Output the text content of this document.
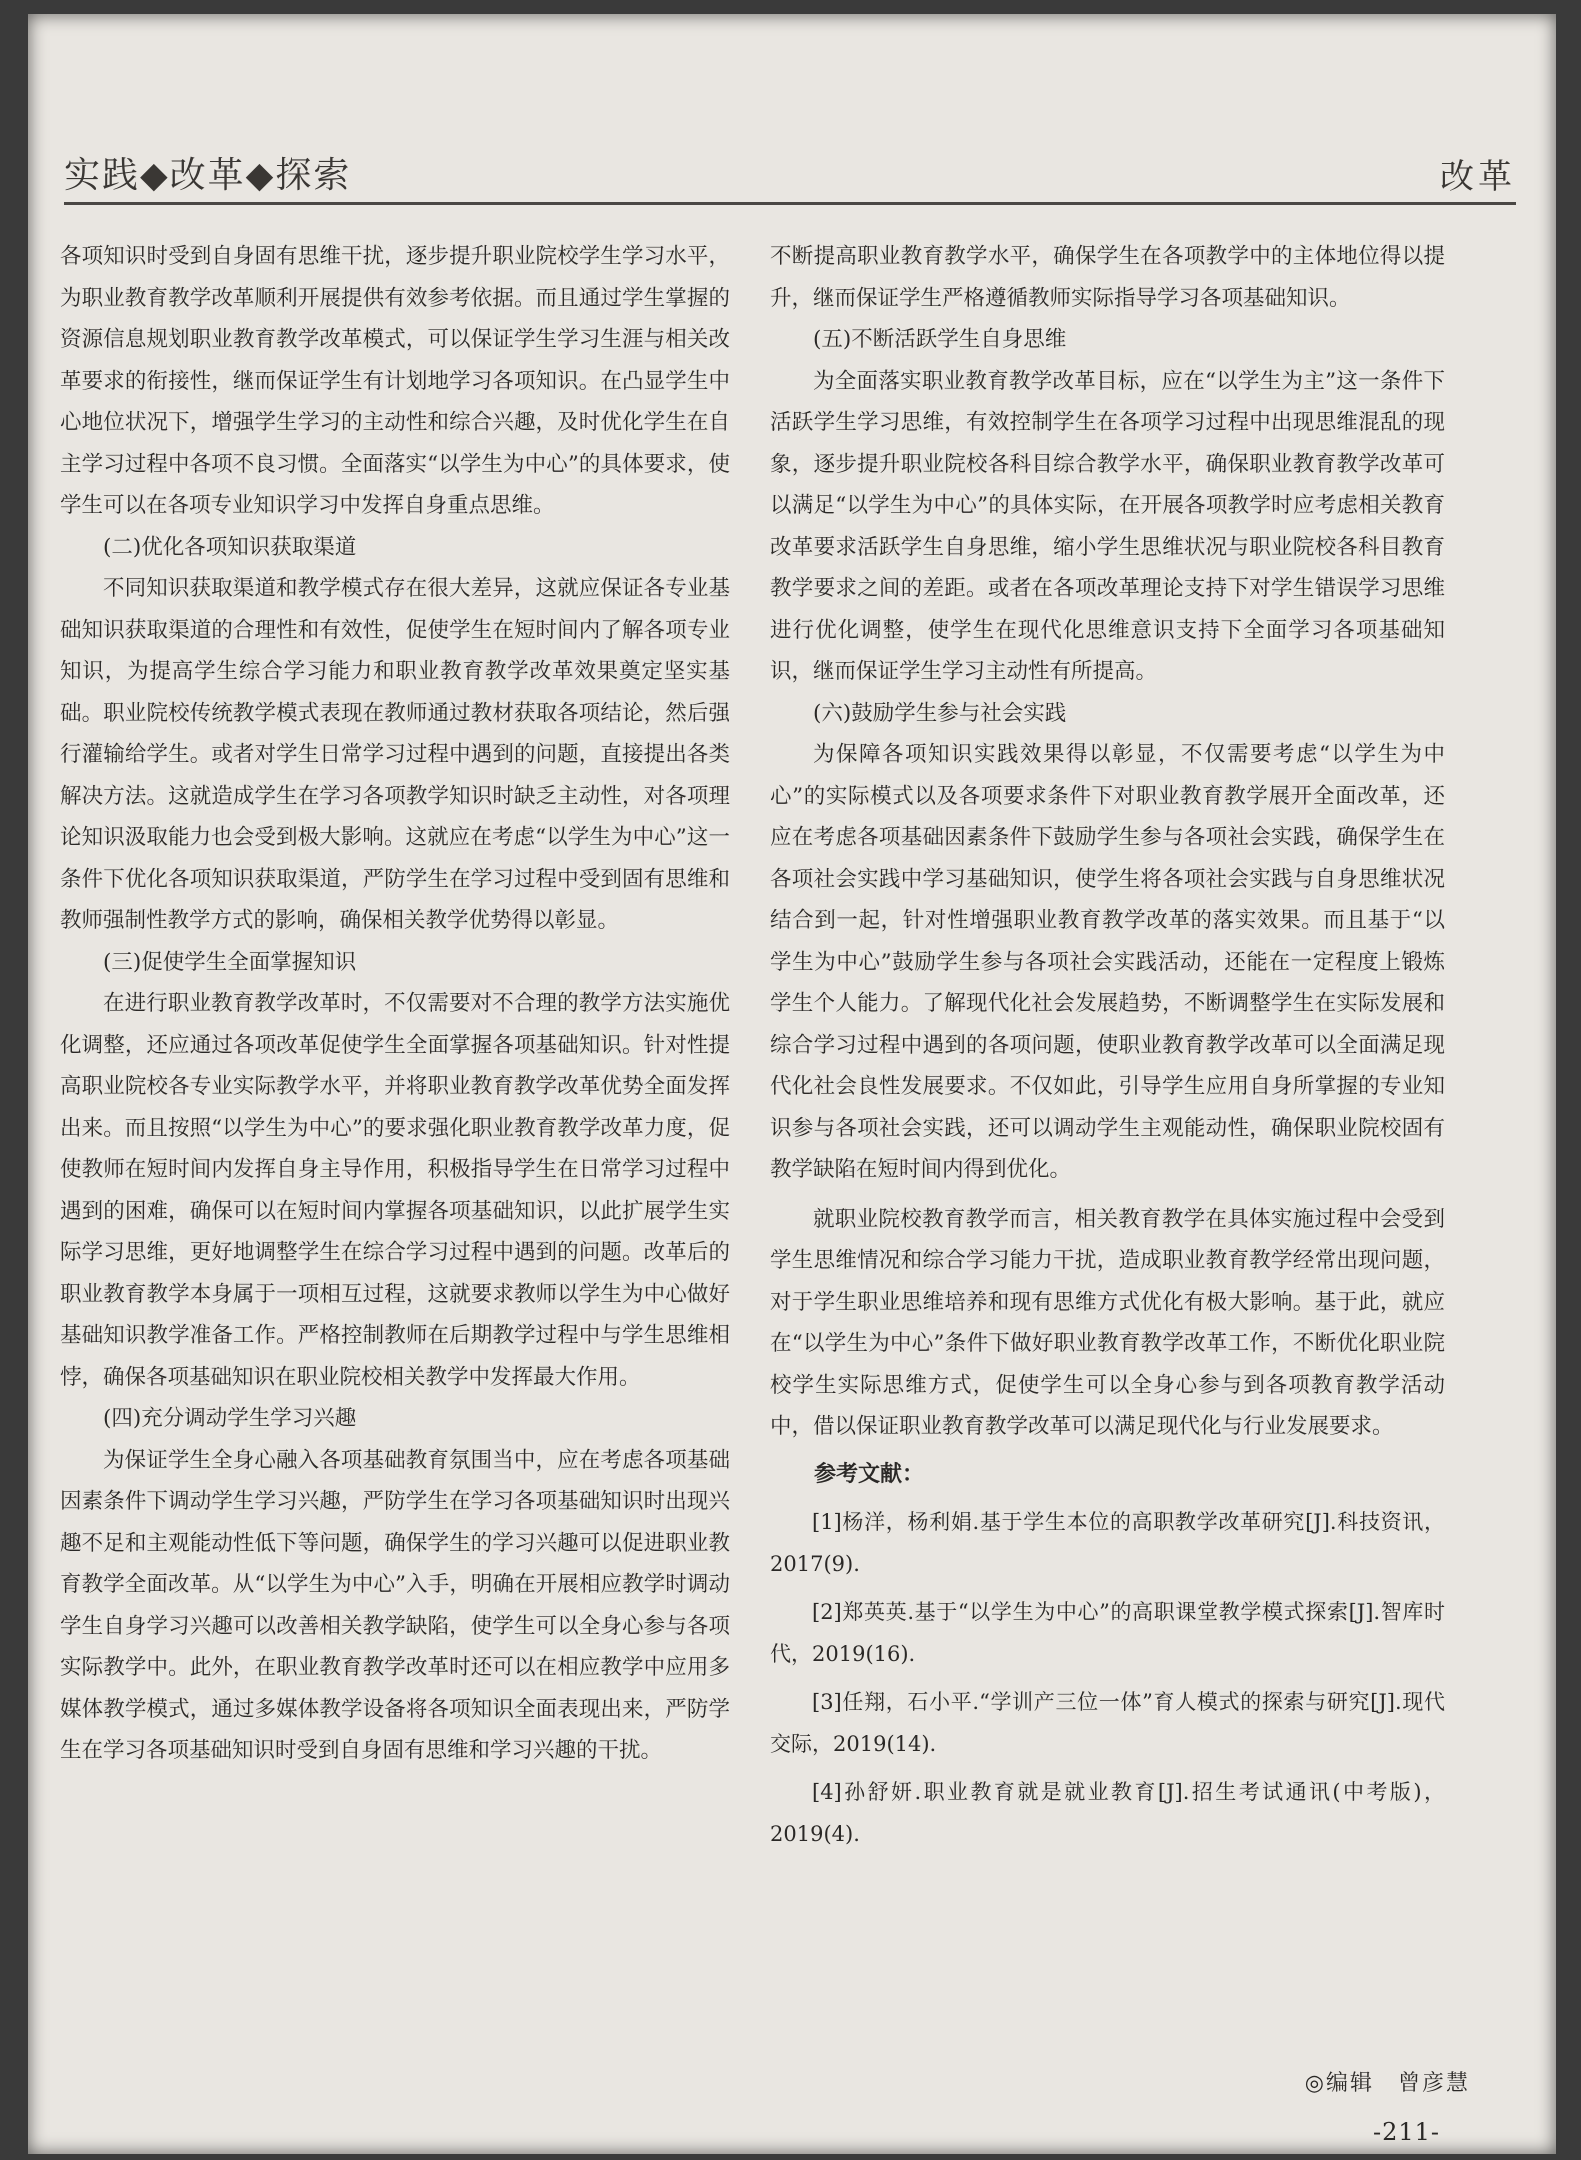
实践◆改革◆探索	改革

各项知识时受到自身固有思维干扰，逐步提升职业院校学生学习水平，为职业教育教学改革顺利开展提供有效参考依据。而且通过学生掌握的资源信息规划职业教育教学改革模式，可以保证学生学习生涯与相关改革要求的衔接性，继而保证学生有计划地学习各项知识。在凸显学生中心地位状况下，增强学生学习的主动性和综合兴趣，及时优化学生在自主学习过程中各项不良习惯。全面落实“以学生为中心”的具体要求，使学生可以在各项专业知识学习中发挥自身重点思维。

(二)优化各项知识获取渠道

不同知识获取渠道和教学模式存在很大差异，这就应保证各专业基础知识获取渠道的合理性和有效性，促使学生在短时间内了解各项专业知识，为提高学生综合学习能力和职业教育教学改革效果奠定坚实基础。职业院校传统教学模式表现在教师通过教材获取各项结论，然后强行灌输给学生。或者对学生日常学习过程中遇到的问题，直接提出各类解决方法。这就造成学生在学习各项教学知识时缺乏主动性，对各项理论知识汲取能力也会受到极大影响。这就应在考虑“以学生为中心”这一条件下优化各项知识获取渠道，严防学生在学习过程中受到固有思维和教师强制性教学方式的影响，确保相关教学优势得以彰显。

(三)促使学生全面掌握知识

在进行职业教育教学改革时，不仅需要对不合理的教学方法实施优化调整，还应通过各项改革促使学生全面掌握各项基础知识。针对性提高职业院校各专业实际教学水平，并将职业教育教学改革优势全面发挥出来。而且按照“以学生为中心”的要求强化职业教育教学改革力度，促使教师在短时间内发挥自身主导作用，积极指导学生在日常学习过程中遇到的困难，确保可以在短时间内掌握各项基础知识，以此扩展学生实际学习思维，更好地调整学生在综合学习过程中遇到的问题。改革后的职业教育教学本身属于一项相互过程，这就要求教师以学生为中心做好基础知识教学准备工作。严格控制教师在后期教学过程中与学生思维相悖，确保各项基础知识在职业院校相关教学中发挥最大作用。

(四)充分调动学生学习兴趣

为保证学生全身心融入各项基础教育氛围当中，应在考虑各项基础因素条件下调动学生学习兴趣，严防学生在学习各项基础知识时出现兴趣不足和主观能动性低下等问题，确保学生的学习兴趣可以促进职业教育教学全面改革。从“以学生为中心”入手，明确在开展相应教学时调动学生自身学习兴趣可以改善相关教学缺陷，使学生可以全身心参与各项实际教学中。此外，在职业教育教学改革时还可以在相应教学中应用多媒体教学模式，通过多媒体教学设备将各项知识全面表现出来，严防学生在学习各项基础知识时受到自身固有思维和学习兴趣的干扰。

不断提高职业教育教学水平，确保学生在各项教学中的主体地位得以提升，继而保证学生严格遵循教师实际指导学习各项基础知识。

(五)不断活跃学生自身思维

为全面落实职业教育教学改革目标，应在“以学生为主”这一条件下活跃学生学习思维，有效控制学生在各项学习过程中出现思维混乱的现象，逐步提升职业院校各科目综合教学水平，确保职业教育教学改革可以满足“以学生为中心”的具体实际，在开展各项教学时应考虑相关教育改革要求活跃学生自身思维，缩小学生思维状况与职业院校各科目教育教学要求之间的差距。或者在各项改革理论支持下对学生错误学习思维进行优化调整，使学生在现代化思维意识支持下全面学习各项基础知识，继而保证学生学习主动性有所提高。

(六)鼓励学生参与社会实践

为保障各项知识实践效果得以彰显，不仅需要考虑“以学生为中心”的实际模式以及各项要求条件下对职业教育教学展开全面改革，还应在考虑各项基础因素条件下鼓励学生参与各项社会实践，确保学生在各项社会实践中学习基础知识，使学生将各项社会实践与自身思维状况结合到一起，针对性增强职业教育教学改革的落实效果。而且基于“以学生为中心”鼓励学生参与各项社会实践活动，还能在一定程度上锻炼学生个人能力。了解现代化社会发展趋势，不断调整学生在实际发展和综合学习过程中遇到的各项问题，使职业教育教学改革可以全面满足现代化社会良性发展要求。不仅如此，引导学生应用自身所掌握的专业知识参与各项社会实践，还可以调动学生主观能动性，确保职业院校固有教学缺陷在短时间内得到优化。

就职业院校教育教学而言，相关教育教学在具体实施过程中会受到学生思维情况和综合学习能力干扰，造成职业教育教学经常出现问题，对于学生职业思维培养和现有思维方式优化有极大影响。基于此，就应在“以学生为中心”条件下做好职业教育教学改革工作，不断优化职业院校学生实际思维方式，促使学生可以全身心参与到各项教育教学活动中，借以保证职业教育教学改革可以满足现代化与行业发展要求。

参考文献：
[1]杨洋，杨利娟.基于学生本位的高职教学改革研究[J].科技资讯，2017(9).
[2]郑英英.基于“以学生为中心”的高职课堂教学模式探索[J].智库时代，2019(16).
[3]任翔，石小平.“学训产三位一体”育人模式的探索与研究[J].现代交际，2019(14).
[4]孙舒妍.职业教育就是就业教育[J].招生考试通讯(中考版)，2019(4).
◎编辑　曾彦慧
-211-
